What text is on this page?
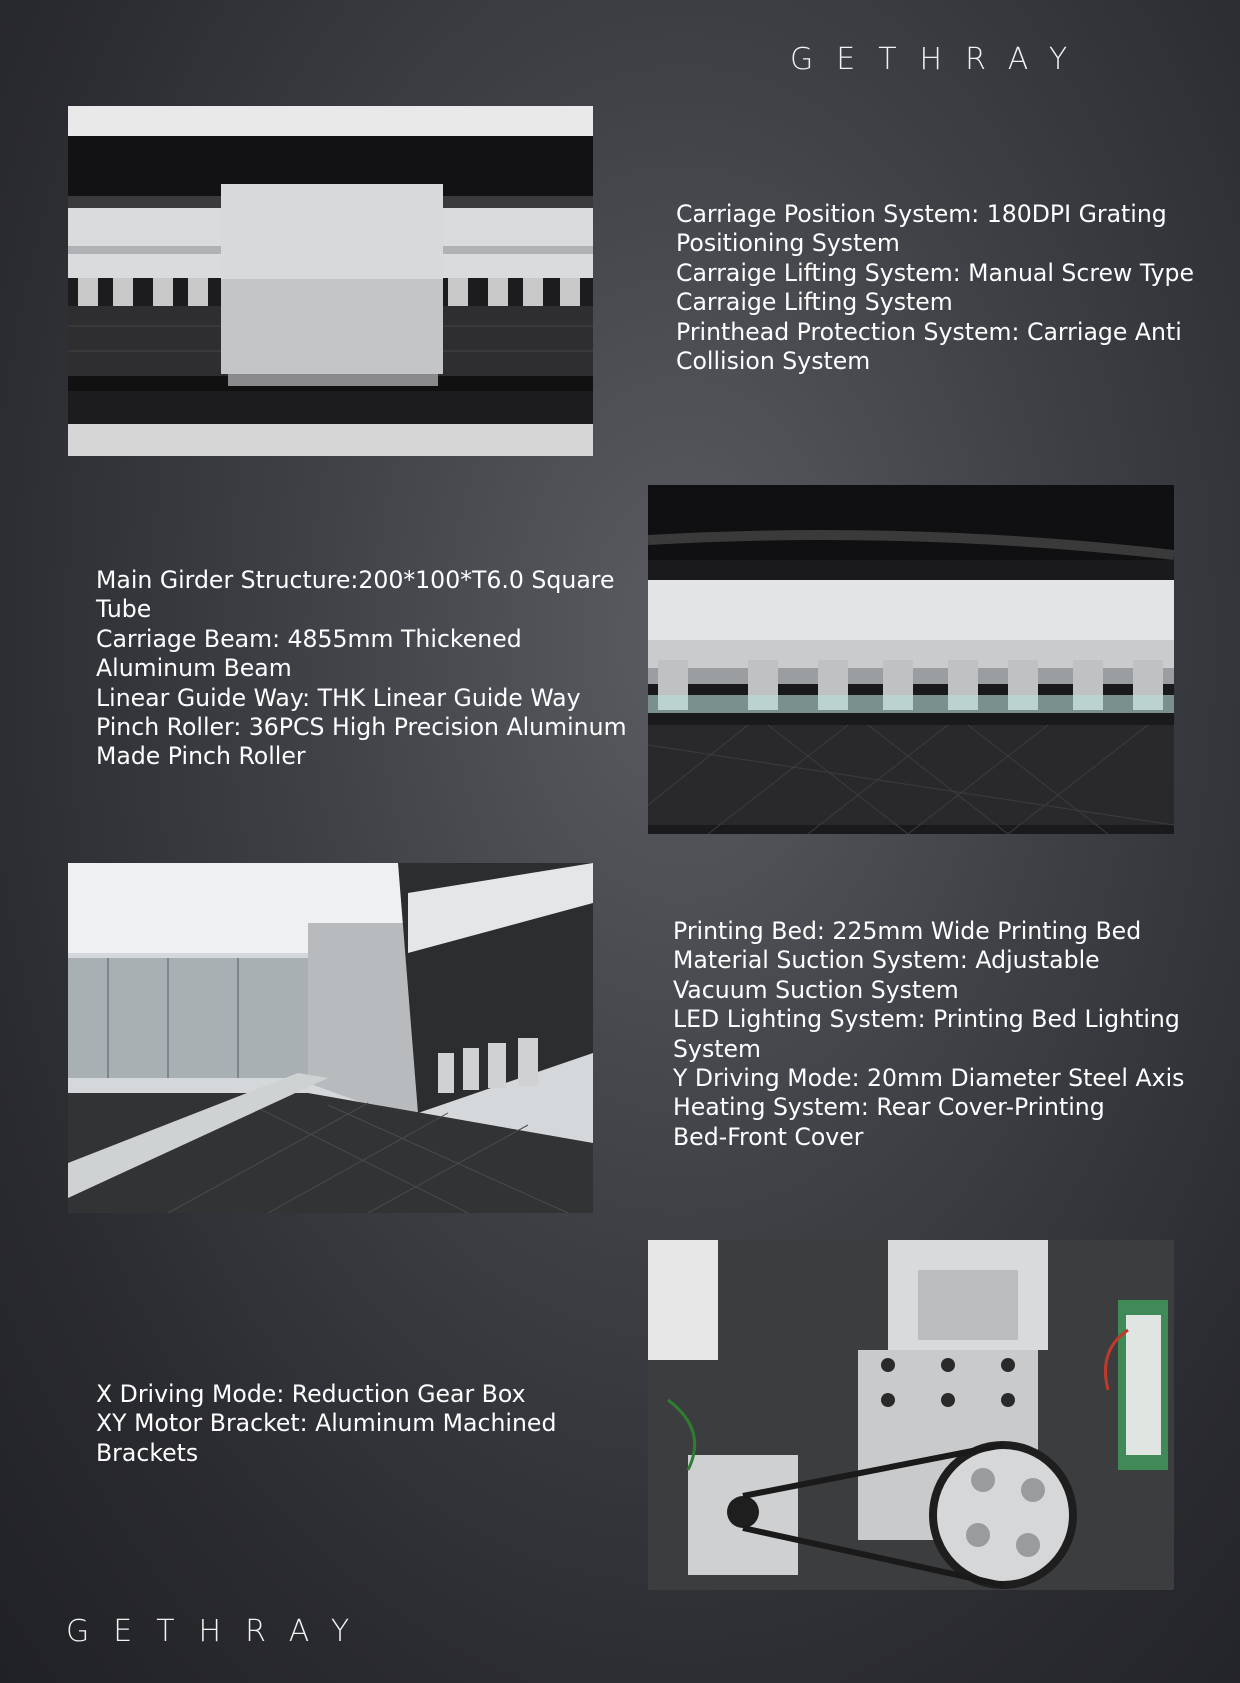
GETHRAY
Carriage Position System: 180DPI Grating
Positioning System
Carraige Lifting System: Manual Screw Type
Carraige Lifting System
Printhead Protection System: Carriage Anti
Collision System
Main Girder Structure:200*100*T6.0 Square
Tube
Carriage Beam: 4855mm Thickened
Aluminum Beam
Linear Guide Way: THK Linear Guide Way
Pinch Roller: 36PCS High Precision Aluminum
Made Pinch Roller
Printing Bed: 225mm Wide Printing Bed
Material Suction System: Adjustable
Vacuum Suction System
LED Lighting System: Printing Bed Lighting
System
Y Driving Mode: 20mm Diameter Steel Axis
Heating System: Rear Cover-Printing
Bed-Front Cover
X Driving Mode: Reduction Gear Box
XY Motor Bracket: Aluminum Machined
Brackets
GETHRAY
